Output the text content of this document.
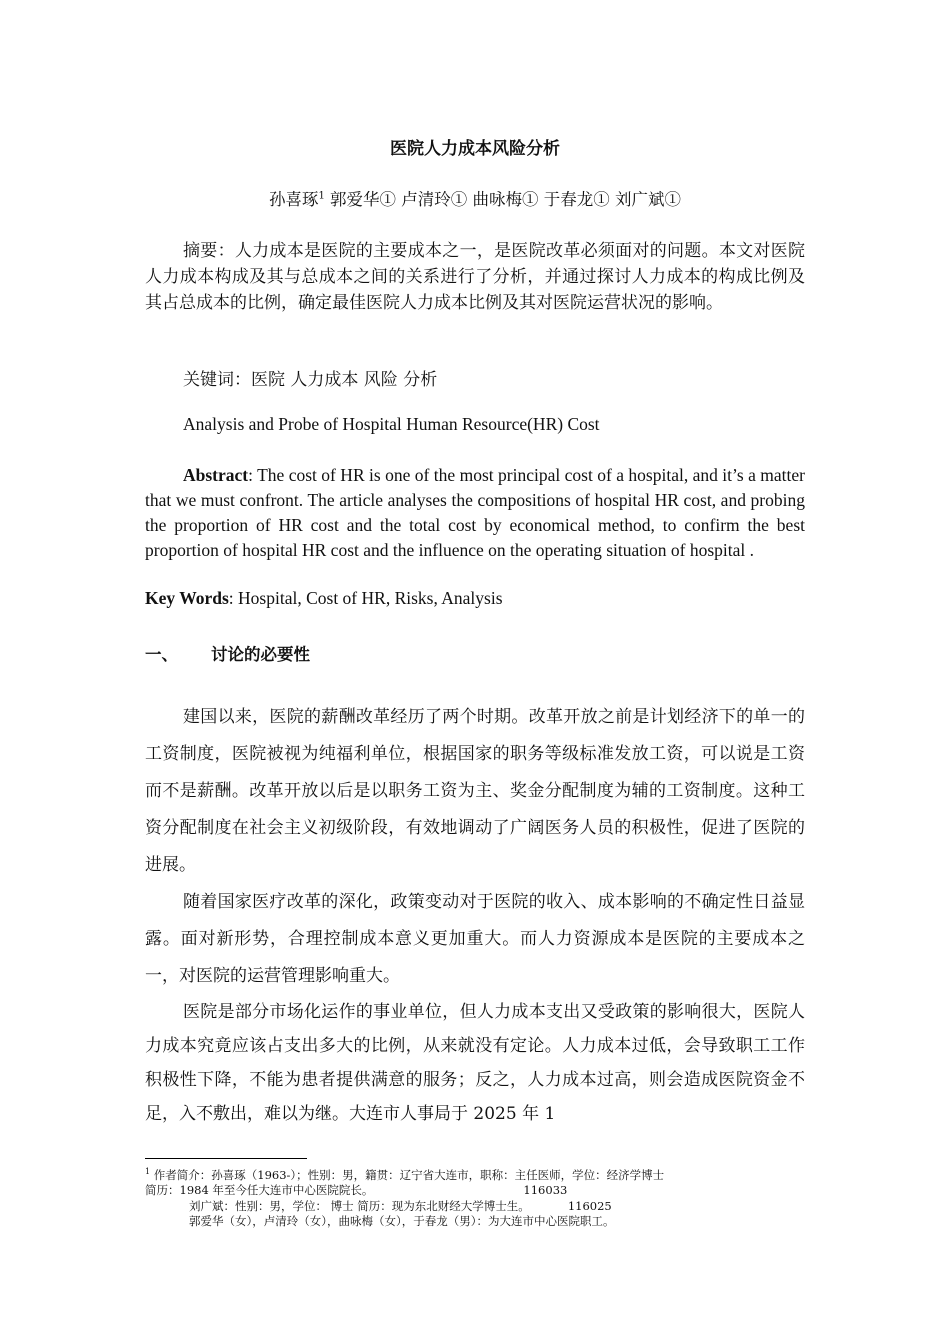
医院人力成本风险分析
孙喜琢$^1$ 郭爱华① 卢清玲① 曲咏梅① 于春龙① 刘广斌①
摘要：人力成本是医院的主要成本之一，是医院改革必须面对的问题。本文对医院人力成本构成及其与总成本之间的关系进行了分析，并通过探讨人力成本的构成比例及其占总成本的比例，确定最佳医院人力成本比例及其对医院运营状况的影响。
关键词：医院 人力成本 风险 分析
Analysis and Probe of Hospital Human Resource(HR) Cost
Abstract: The cost of HR is one of the most principal cost of a hospital, and it’s a matter that we must confront. The article analyses the compositions of hospital HR cost, and probing the proportion of HR cost and the total cost by economical method, to confirm the best proportion of hospital HR cost and the influence on the operating situation of hospital .
Key Words: Hospital, Cost of HR, Risks, Analysis
一、 讨论的必要性

建国以来，医院的薪酬改革经历了两个时期。改革开放之前是计划经济下的单一的工资制度，医院被视为纯福利单位，根据国家的职务等级标准发放工资，可以说是工资而不是薪酬。改革开放以后是以职务工资为主、奖金分配制度为辅的工资制度。这种工资分配制度在社会主义初级阶段，有效地调动了广阔医务人员的积极性，促进了医院的进展。

随着国家医疗改革的深化，政策变动对于医院的收入、成本影响的不确定性日益显露。面对新形势，合理控制成本意义更加重大。而人力资源成本是医院的主要成本之一，对医院的运营管理影响重大。

医院是部分市场化运作的事业单位，但人力成本支出又受政策的影响很大，医院人力成本究竟应该占支出多大的比例，从来就没有定论。人力成本过低，会导致职工工作积极性下降，不能为患者提供满意的服务；反之，人力成本过高，则会造成医院资金不足，入不敷出，难以为继。大连市人事局于 2025 年 1

$^1$ 作者简介：孙喜琢（1963-）；性别：男，籍贯：辽宁省大连市，职称：主任医师，学位：经济学博士
简历：1984 年至今任大连市中心医院院长。	116033
刘广斌：性别：男，学位： 博士 简历：现为东北财经大学博士生。	116025
郭爱华（女），卢清玲（女），曲咏梅（女），于春龙（男）：为大连市中心医院职工。
